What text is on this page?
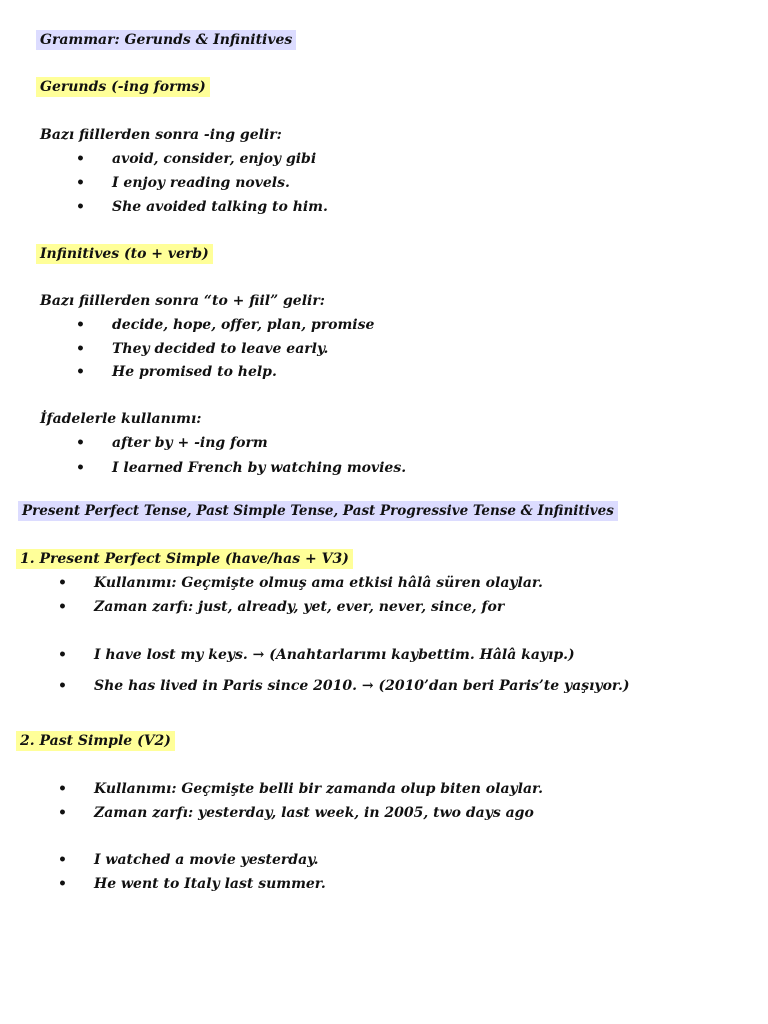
Grammar: Gerunds & Infinitives
Gerunds (-ing forms)
Bazı fiillerden sonra -ing gelir:
• avoid, consider, enjoy gibi
• I enjoy reading novels.
• She avoided talking to him.
Infinitives (to + verb)
Bazı fiillerden sonra “to + fiil” gelir:
• decide, hope, offer, plan, promise
• They decided to leave early.
• He promised to help.
İfadelerle kullanımı:
• after by + -ing form
• I learned French by watching movies.
Present Perfect Tense, Past Simple Tense, Past Progressive Tense & Infinitives
1. Present Perfect Simple (have/has + V3)
• Kullanımı: Geçmişte olmuş ama etkisi hâlâ süren olaylar.
• Zaman zarfı: just, already, yet, ever, never, since, for
• I have lost my keys. → (Anahtarlarımı kaybettim. Hâlâ kayıp.)
• She has lived in Paris since 2010. → (2010’dan beri Paris’te yaşıyor.)
2. Past Simple (V2)
• Kullanımı: Geçmişte belli bir zamanda olup biten olaylar.
• Zaman zarfı: yesterday, last week, in 2005, two days ago
• I watched a movie yesterday.
• He went to Italy last summer.
